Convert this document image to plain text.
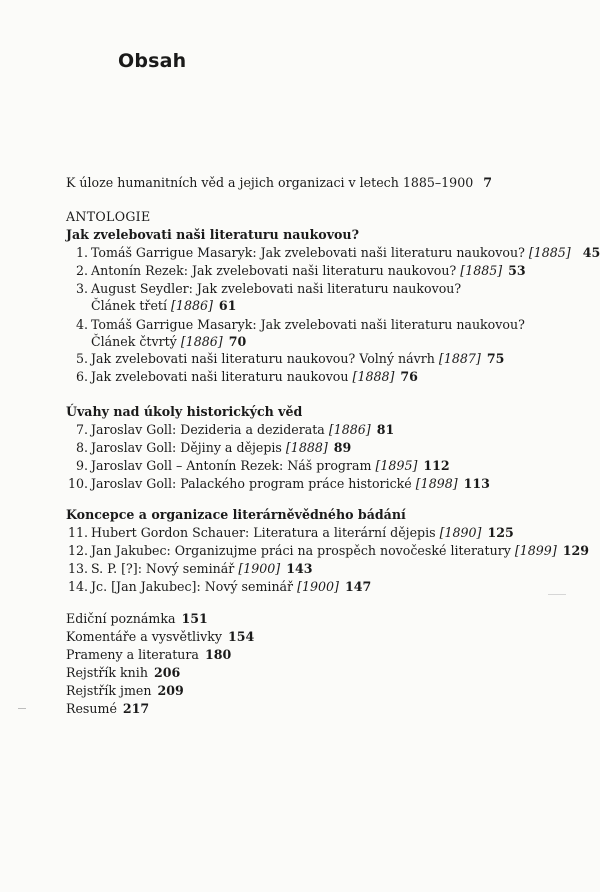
Obsah
K úloze humanitních věd a jejich organizaci v letech 1885–1900 7
ANTOLOGIE
Jak zvelebovati naši literaturu naukovou?
1. Tomáš Garrigue Masaryk: Jak zvelebovati naši literaturu naukovou? [1885] 45
2. Antonín Rezek: Jak zvelebovati naši literaturu naukovou? [1885] 53
3. August Seydler: Jak zvelebovati naši literaturu naukovou?
Článek třetí [1886] 61
4. Tomáš Garrigue Masaryk: Jak zvelebovati naši literaturu naukovou?
Článek čtvrtý [1886] 70
5. Jak zvelebovati naši literaturu naukovou? Volný návrh [1887] 75
6. Jak zvelebovati naši literaturu naukovou [1888] 76
Úvahy nad úkoly historických věd
7. Jaroslav Goll: Dezideria a deziderata [1886] 81
8. Jaroslav Goll: Dějiny a dějepis [1888] 89
9. Jaroslav Goll – Antonín Rezek: Náš program [1895] 112
10. Jaroslav Goll: Palackého program práce historické [1898] 113
Koncepce a organizace literárněvědného bádání
11. Hubert Gordon Schauer: Literatura a literární dějepis [1890] 125
12. Jan Jakubec: Organizujme práci na prospěch novočeské literatury [1899] 129
13. S. P. [?]: Nový seminář [1900] 143
14. Jc. [Jan Jakubec]: Nový seminář [1900] 147
Ediční poznámka 151
Komentáře a vysvětlivky 154
Prameny a literatura 180
Rejstřík knih 206
Rejstřík jmen 209
Resumé 217
